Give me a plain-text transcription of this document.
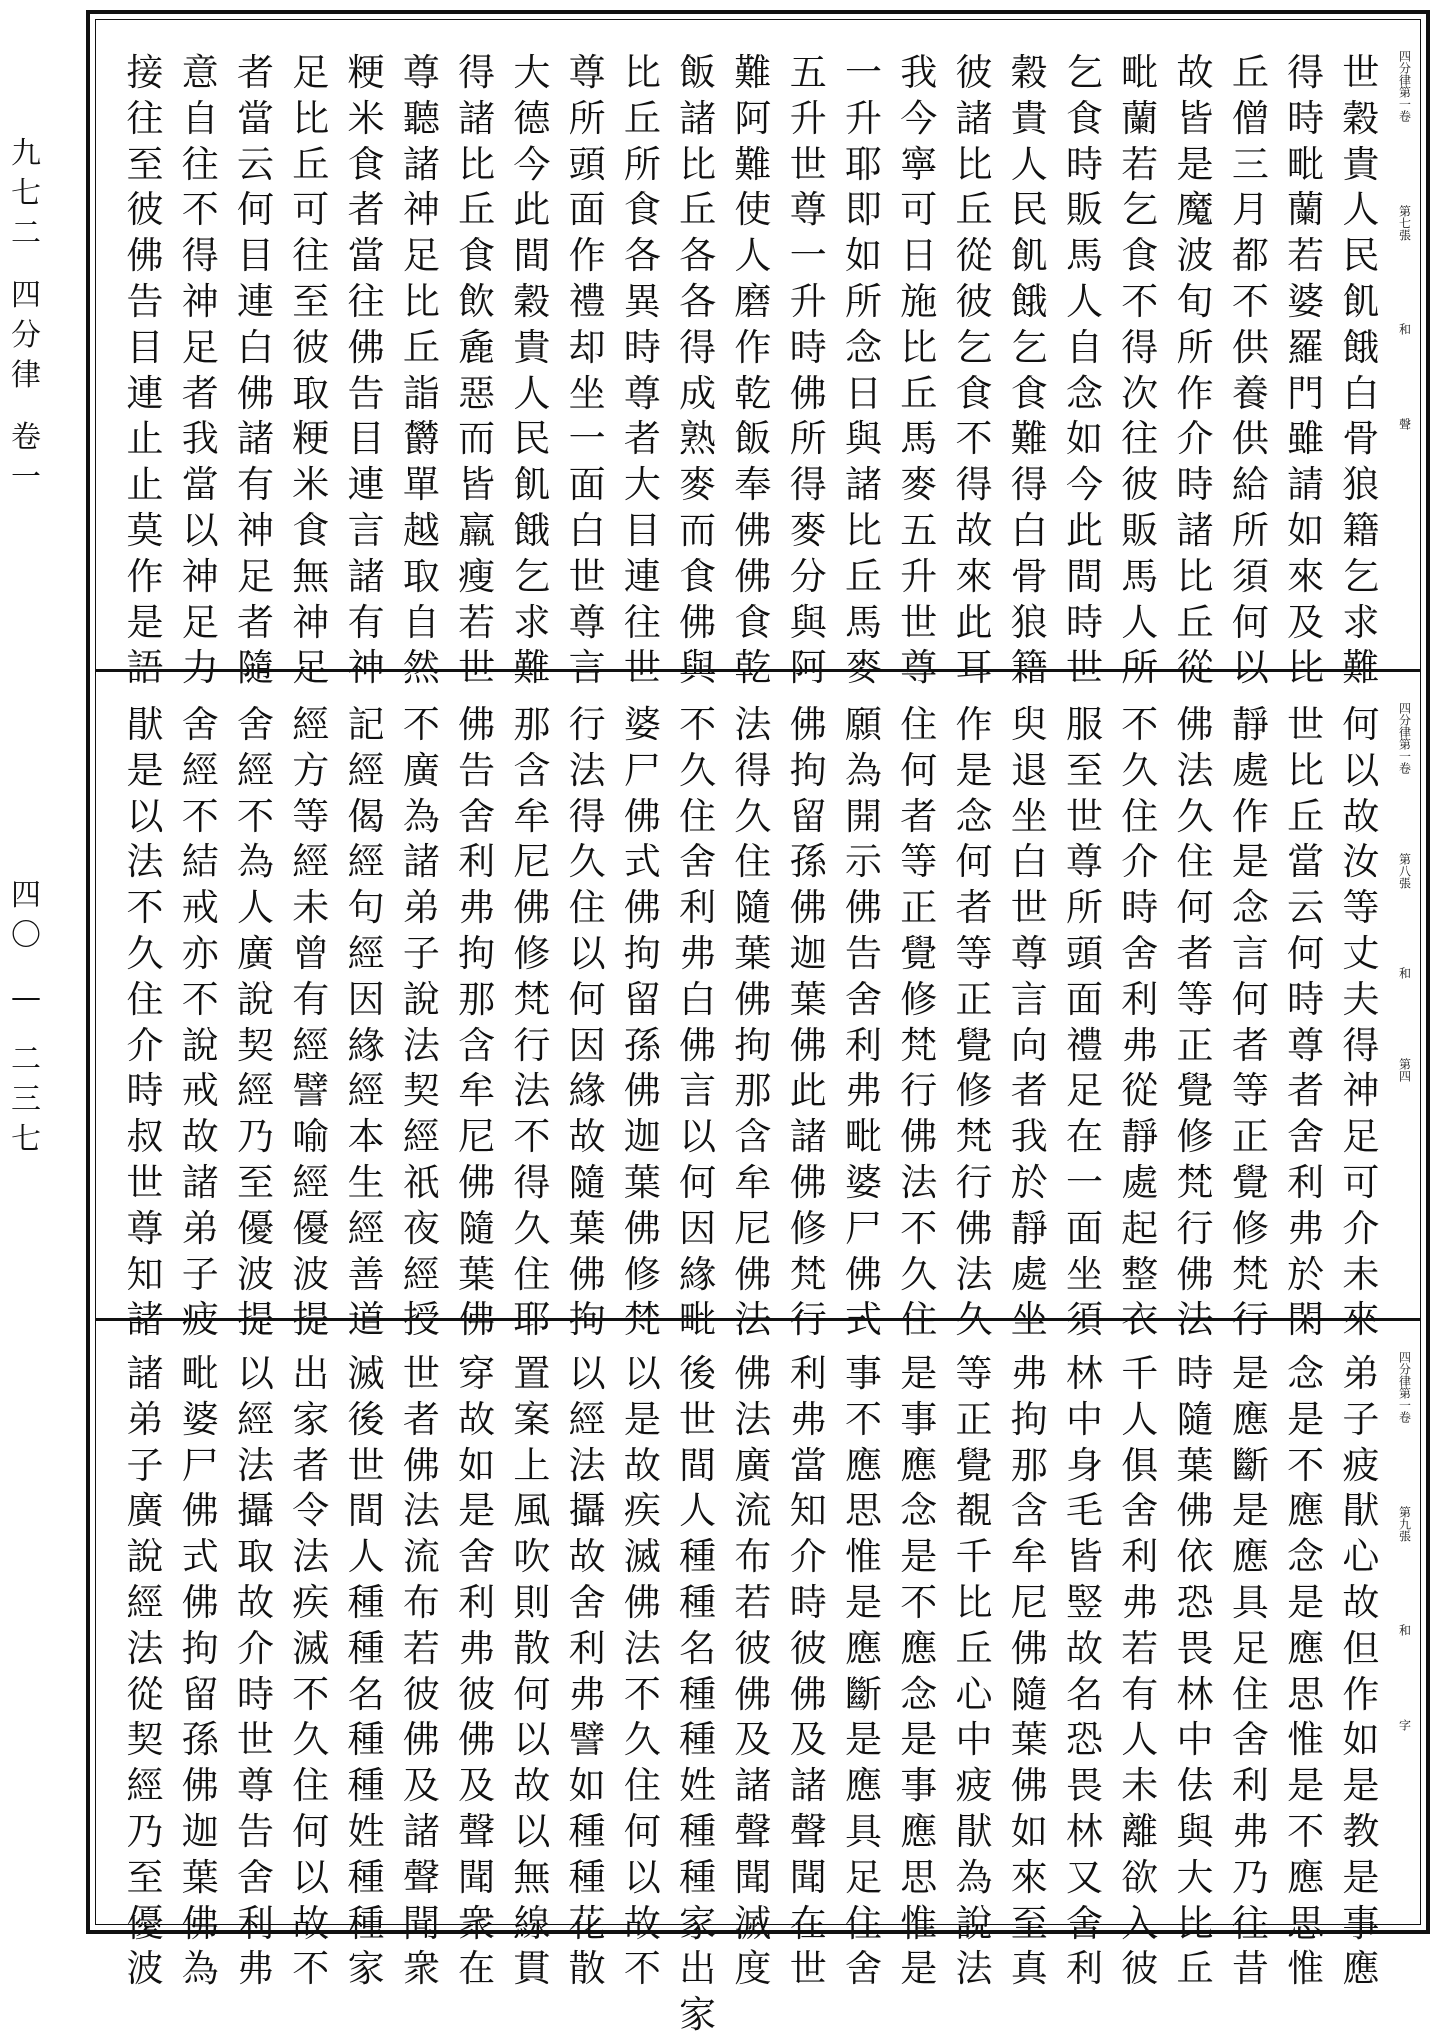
九
七
二
四
分
律
卷
一
四
〇
—
二
三
七
四分律第一卷
第七張
和
聲
世
穀
貴
人
民
飢
餓
白
骨
狼
籍
乞
求
難
得
時
毗
蘭
若
婆
羅
門
雖
請
如
來
及
比
丘
僧
三
月
都
不
供
養
供
給
所
須
何
以
故
皆
是
魔
波
旬
所
作
介
時
諸
比
丘
從
毗
蘭
若
乞
食
不
得
次
往
彼
販
馬
人
所
乞
食
時
販
馬
人
自
念
如
今
此
間
時
世
穀
貴
人
民
飢
餓
乞
食
難
得
白
骨
狼
籍
彼
諸
比
丘
從
彼
乞
食
不
得
故
來
此
耳
我
今
寧
可
日
施
比
丘
馬
麥
五
升
世
尊
一
升
耶
即
如
所
念
日
與
諸
比
丘
馬
麥
五
升
世
尊
一
升
時
佛
所
得
麥
分
與
阿
難
阿
難
使
人
磨
作
乾
飯
奉
佛
佛
食
乾
飯
諸
比
丘
各
各
得
成
熟
麥
而
食
佛
與
比
丘
所
食
各
異
時
尊
者
大
目
連
往
世
尊
所
頭
面
作
禮
却
坐
一
面
白
世
尊
言
大
德
今
此
間
穀
貴
人
民
飢
餓
乞
求
難
得
諸
比
丘
食
飲
麁
惡
而
皆
羸
瘦
若
世
尊
聽
諸
神
足
比
丘
詣
欝
單
越
取
自
然
粳
米
食
者
當
往
佛
告
目
連
言
諸
有
神
足
比
丘
可
往
至
彼
取
粳
米
食
無
神
足
者
當
云
何
目
連
白
佛
諸
有
神
足
者
隨
意
自
往
不
得
神
足
者
我
當
以
神
足
力
接
往
至
彼
佛
告
目
連
止
止
莫
作
是
語
四分律第一卷
第八張
和
第四
何
以
故
汝
等
丈
夫
得
神
足
可
介
未
來
世
比
丘
當
云
何
時
尊
者
舍
利
弗
於
閑
靜
處
作
是
念
言
何
者
等
正
覺
修
梵
行
佛
法
久
住
何
者
等
正
覺
修
梵
行
佛
法
不
久
住
介
時
舍
利
弗
從
靜
處
起
整
衣
服
至
世
尊
所
頭
面
禮
足
在
一
面
坐
須
臾
退
坐
白
世
尊
言
向
者
我
於
靜
處
坐
作
是
念
何
者
等
正
覺
修
梵
行
佛
法
久
住
何
者
等
正
覺
修
梵
行
佛
法
不
久
住
願
為
開
示
佛
告
舍
利
弗
毗
婆
尸
佛
式
佛
拘
留
孫
佛
迦
葉
佛
此
諸
佛
修
梵
行
法
得
久
住
隨
葉
佛
拘
那
含
牟
尼
佛
法
不
久
住
舍
利
弗
白
佛
言
以
何
因
緣
毗
婆
尸
佛
式
佛
拘
留
孫
佛
迦
葉
佛
修
梵
行
法
得
久
住
以
何
因
緣
故
隨
葉
佛
拘
那
含
牟
尼
佛
修
梵
行
法
不
得
久
住
耶
佛
告
舍
利
弗
拘
那
含
牟
尼
佛
隨
葉
佛
不
廣
為
諸
弟
子
說
法
契
經
祇
夜
經
授
記
經
偈
經
句
經
因
緣
經
本
生
經
善
道
經
方
等
經
未
曾
有
經
譬
喻
經
優
波
提
舍
經
不
為
人
廣
說
契
經
乃
至
優
波
提
舍
經
不
結
戒
亦
不
說
戒
故
諸
弟
子
疲
猒
是
以
法
不
久
住
介
時
叔
世
尊
知
諸
四分律第一卷
第九張
和
字
弟
子
疲
猒
心
故
但
作
如
是
教
是
事
應
念
是
不
應
念
是
應
思
惟
是
不
應
思
惟
是
應
斷
是
應
具
足
住
舍
利
弗
乃
往
昔
時
隨
葉
佛
依
恐
畏
林
中
佉
與
大
比
丘
千
人
俱
舍
利
弗
若
有
人
未
離
欲
入
彼
林
中
身
毛
皆
竪
故
名
恐
畏
林
又
舍
利
弗
拘
那
含
牟
尼
佛
隨
葉
佛
如
來
至
真
等
正
覺
覩
千
比
丘
心
中
疲
猒
為
說
法
是
事
應
念
是
不
應
念
是
事
應
思
惟
是
事
不
應
思
惟
是
應
斷
是
應
具
足
住
舍
利
弗
當
知
介
時
彼
佛
及
諸
聲
聞
在
世
佛
法
廣
流
布
若
彼
佛
及
諸
聲
聞
滅
度
後
世
間
人
種
種
名
種
種
姓
種
種
家
出
家
以
是
故
疾
滅
佛
法
不
久
住
何
以
故
不
以
經
法
攝
故
舍
利
弗
譬
如
種
種
花
散
置
案
上
風
吹
則
散
何
以
故
以
無
線
貫
穿
故
如
是
舍
利
弗
彼
佛
及
聲
聞
衆
在
世
者
佛
法
流
布
若
彼
佛
及
諸
聲
聞
衆
滅
後
世
間
人
種
種
名
種
種
姓
種
種
家
出
家
者
令
法
疾
滅
不
久
住
何
以
故
不
以
經
法
攝
取
故
介
時
世
尊
告
舍
利
弗
毗
婆
尸
佛
式
佛
拘
留
孫
佛
迦
葉
佛
為
諸
弟
子
廣
說
經
法
從
契
經
乃
至
優
波
